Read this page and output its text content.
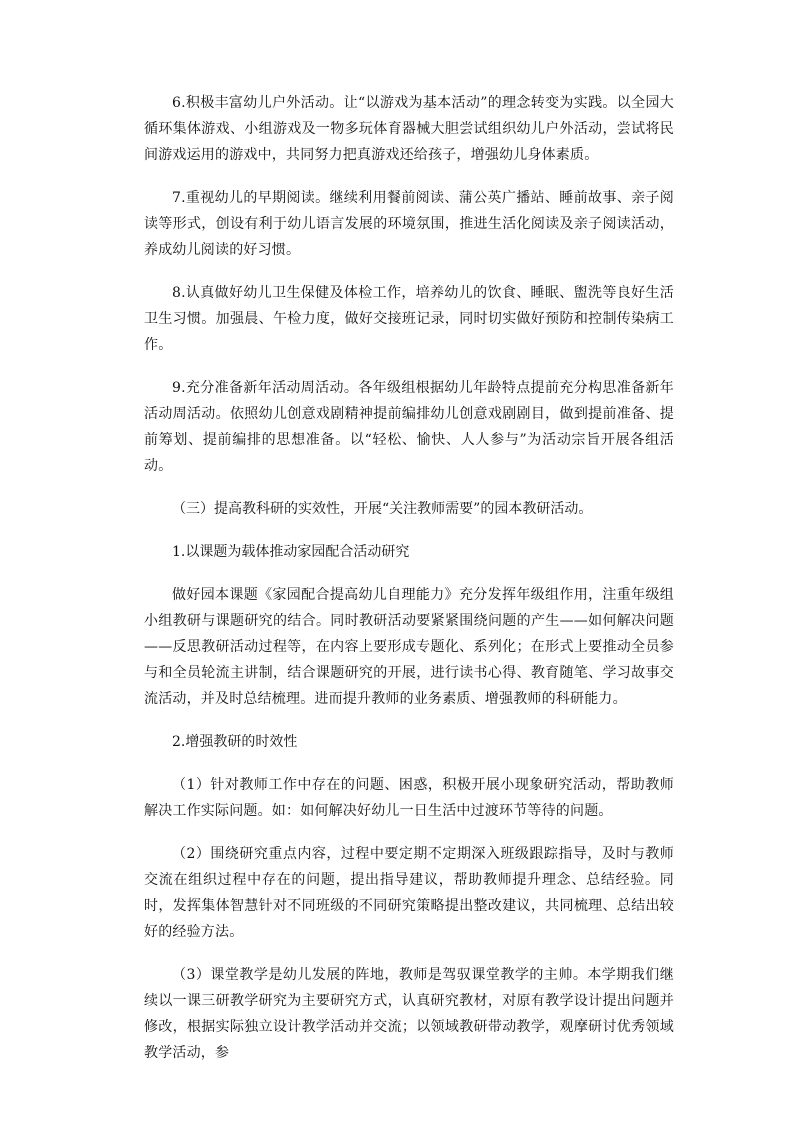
6.积极丰富幼儿户外活动。让“以游戏为基本活动”的理念转变为实践。以全园大循环集体游戏、小组游戏及一物多玩体育器械大胆尝试组织幼儿户外活动，尝试将民间游戏运用的游戏中，共同努力把真游戏还给孩子，增强幼儿身体素质。

7.重视幼儿的早期阅读。继续利用餐前阅读、蒲公英广播站、睡前故事、亲子阅读等形式，创设有利于幼儿语言发展的环境氛围，推进生活化阅读及亲子阅读活动，养成幼儿阅读的好习惯。

8.认真做好幼儿卫生保健及体检工作，培养幼儿的饮食、睡眠、盥洗等良好生活卫生习惯。加强晨、午检力度，做好交接班记录，同时切实做好预防和控制传染病工作。

9.充分准备新年活动周活动。各年级组根据幼儿年龄特点提前充分构思准备新年活动周活动。依照幼儿创意戏剧精神提前编排幼儿创意戏剧剧目，做到提前准备、提前筹划、提前编排的思想准备。以“轻松、愉快、人人参与”为活动宗旨开展各组活动。

（三）提高教科研的实效性，开展“关注教师需要”的园本教研活动。

1.以课题为载体推动家园配合活动研究

做好园本课题《家园配合提高幼儿自理能力》充分发挥年级组作用，注重年级组小组教研与课题研究的结合。同时教研活动要紧紧围绕问题的产生——如何解决问题——反思教研活动过程等，在内容上要形成专题化、系列化；在形式上要推动全员参与和全员轮流主讲制，结合课题研究的开展，进行读书心得、教育随笔、学习故事交流活动，并及时总结梳理。进而提升教师的业务素质、增强教师的科研能力。

2.增强教研的时效性

（1）针对教师工作中存在的问题、困惑，积极开展小现象研究活动，帮助教师解决工作实际问题。如：如何解决好幼儿一日生活中过渡环节等待的问题。

（2）围绕研究重点内容，过程中要定期不定期深入班级跟踪指导，及时与教师交流在组织过程中存在的问题，提出指导建议，帮助教师提升理念、总结经验。同时，发挥集体智慧针对不同班级的不同研究策略提出整改建议，共同梳理、总结出较好的经验方法。

（3）课堂教学是幼儿发展的阵地，教师是驾驭课堂教学的主帅。本学期我们继续以一课三研教学研究为主要研究方式，认真研究教材，对原有教学设计提出问题并修改，根据实际独立设计教学活动并交流；以领域教研带动教学，观摩研讨优秀领域教学活动，参
